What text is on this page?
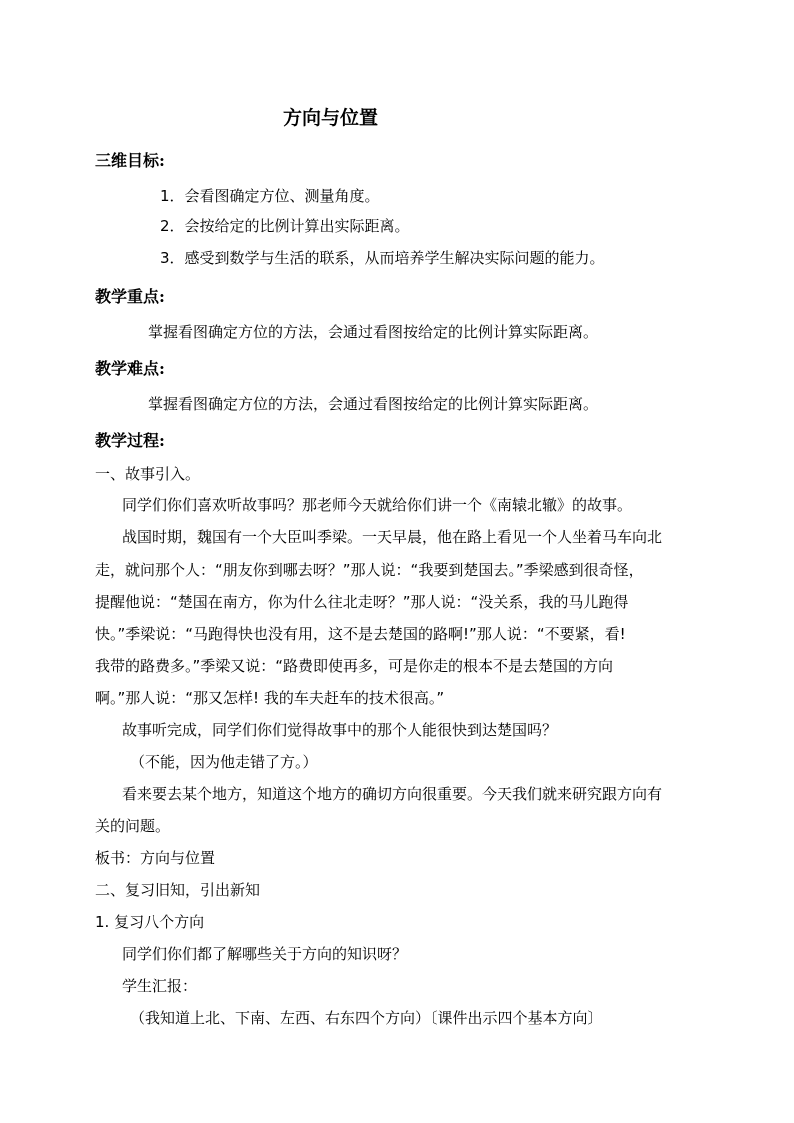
方向与位置
三维目标:
1．会看图确定方位、测量角度。
2．会按给定的比例计算出实际距离。
3．感受到数学与生活的联系，从而培养学生解决实际问题的能力。
教学重点:
掌握看图确定方位的方法，会通过看图按给定的比例计算实际距离。
教学难点:
掌握看图确定方位的方法，会通过看图按给定的比例计算实际距离。
教学过程:
一、故事引入。
同学们你们喜欢听故事吗？那老师今天就给你们讲一个《南辕北辙》的故事。
战国时期，魏国有一个大臣叫季梁。一天早晨，他在路上看见一个人坐着马车向北
走，就问那个人：“朋友你到哪去呀？”那人说：“我要到楚国去。”季梁感到很奇怪，
提醒他说：“楚国在南方，你为什么往北走呀？”那人说：“没关系，我的马儿跑得
快。”季梁说：“马跑得快也没有用，这不是去楚国的路啊!”那人说：“不要紧，看!
我带的路费多。”季梁又说：“路费即使再多，可是你走的根本不是去楚国的方向
啊。”那人说：“那又怎样! 我的车夫赶车的技术很高。”
故事听完成，同学们你们觉得故事中的那个人能很快到达楚国吗？
（不能，因为他走错了方。）
看来要去某个地方，知道这个地方的确切方向很重要。今天我们就来研究跟方向有
关的问题。
板书：方向与位置
二、复习旧知，引出新知
1. 复习八个方向
同学们你们都了解哪些关于方向的知识呀？
学生汇报：
（我知道上北、下南、左西、右东四个方向）〔课件出示四个基本方向〕
